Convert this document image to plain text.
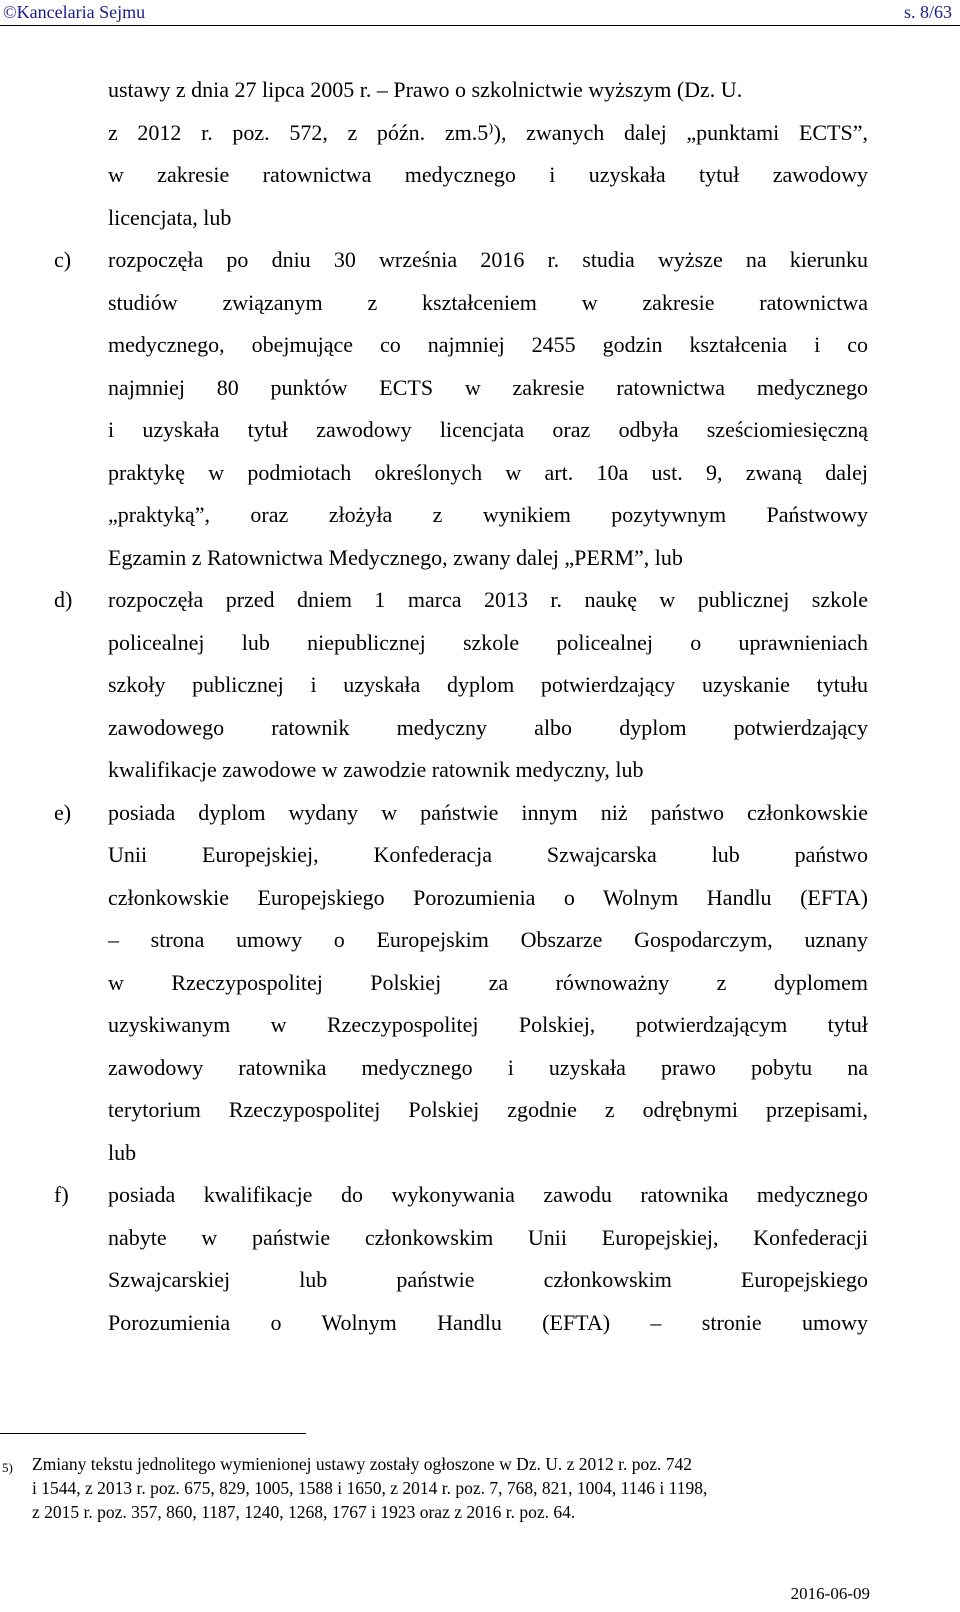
©Kancelaria Sejmu	s. 8/63
ustawy z dnia 27 lipca 2005 r. – Prawo o szkolnictwie wyższym (Dz. U.
z 2012 r. poz. 572, z późn. zm.5⁾), zwanych dalej „punktami ECTS”,
w zakresie ratownictwa medycznego i uzyskała tytuł zawodowy
licencjata, lub
c) rozpoczęła po dniu 30 września 2016 r. studia wyższe na kierunku
studiów związanym z kształceniem w zakresie ratownictwa
medycznego, obejmujące co najmniej 2455 godzin kształcenia i co
najmniej 80 punktów ECTS w zakresie ratownictwa medycznego
i uzyskała tytuł zawodowy licencjata oraz odbyła sześciomiesięczną
praktykę w podmiotach określonych w art. 10a ust. 9, zwaną dalej
„praktyką”, oraz złożyła z wynikiem pozytywnym Państwowy
Egzamin z Ratownictwa Medycznego, zwany dalej „PERM”, lub
d) rozpoczęła przed dniem 1 marca 2013 r. naukę w publicznej szkole
policealnej lub niepublicznej szkole policealnej o uprawnieniach
szkoły publicznej i uzyskała dyplom potwierdzający uzyskanie tytułu
zawodowego ratownik medyczny albo dyplom potwierdzający
kwalifikacje zawodowe w zawodzie ratownik medyczny, lub
e) posiada dyplom wydany w państwie innym niż państwo członkowskie
Unii Europejskiej, Konfederacja Szwajcarska lub państwo
członkowskie Europejskiego Porozumienia o Wolnym Handlu (EFTA)
– strona umowy o Europejskim Obszarze Gospodarczym, uznany
w Rzeczypospolitej Polskiej za równoważny z dyplomem
uzyskiwanym w Rzeczypospolitej Polskiej, potwierdzającym tytuł
zawodowy ratownika medycznego i uzyskała prawo pobytu na
terytorium Rzeczypospolitej Polskiej zgodnie z odrębnymi przepisami,
lub
f) posiada kwalifikacje do wykonywania zawodu ratownika medycznego
nabyte w państwie członkowskim Unii Europejskiej, Konfederacji
Szwajcarskiej lub państwie członkowskim Europejskiego
Porozumienia o Wolnym Handlu (EFTA) – stronie umowy
5) Zmiany tekstu jednolitego wymienionej ustawy zostały ogłoszone w Dz. U. z 2012 r. poz. 742
i 1544, z 2013 r. poz. 675, 829, 1005, 1588 i 1650, z 2014 r. poz. 7, 768, 821, 1004, 1146 i 1198,
z 2015 r. poz. 357, 860, 1187, 1240, 1268, 1767 i 1923 oraz z 2016 r. poz. 64.
2016-06-09
